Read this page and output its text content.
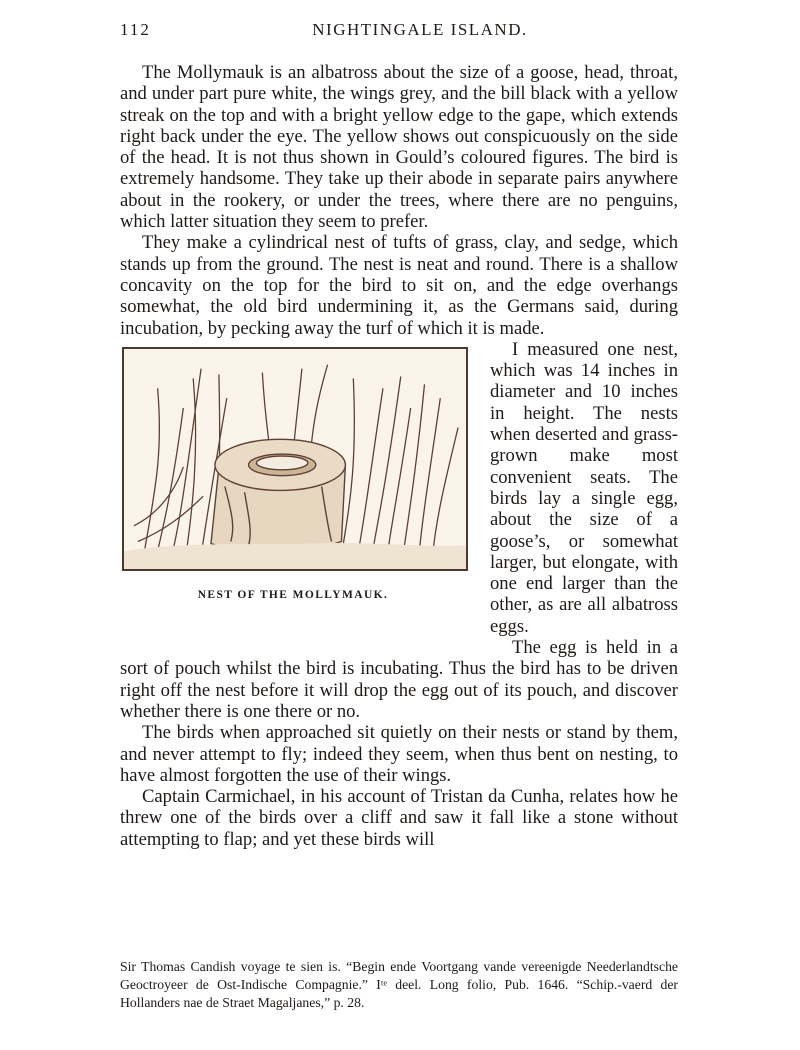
112	NIGHTINGALE ISLAND.

The Mollymauk is an albatross about the size of a goose, head, throat, and under part pure white, the wings grey, and the bill black with a yellow streak on the top and with a bright yellow edge to the gape, which extends right back under the eye. The yellow shows out conspicuously on the side of the head. It is not thus shown in Gould’s coloured figures. The bird is extremely handsome. They take up their abode in separate pairs anywhere about in the rookery, or under the trees, where there are no penguins, which latter situation they seem to prefer.

They make a cylindrical nest of tufts of grass, clay, and sedge, which stands up from the ground. The nest is neat and round. There is a shallow concavity on the top for the bird to sit on, and the edge overhangs somewhat, the old bird undermining it, as the Germans said, during incubation, by pecking away the turf of which it is made.

NEST OF THE MOLLYMAUK.

I measured one nest, which was 14 inches in diameter and 10 inches in height. The nests when deserted and grass-grown make most convenient seats. The birds lay a single egg, about the size of a goose’s, or somewhat larger, but elongate, with one end larger than the other, as are all albatross eggs.

The egg is held in a sort of pouch whilst the bird is incubating. Thus the bird has to be driven right off the nest before it will drop the egg out of its pouch, and discover whether there is one there or no.

The birds when approached sit quietly on their nests or stand by them, and never attempt to fly; indeed they seem, when thus bent on nesting, to have almost forgotten the use of their wings.

Captain Carmichael, in his account of Tristan da Cunha, relates how he threw one of the birds over a cliff and saw it fall like a stone without attempting to flap; and yet these birds will

Sir Thomas Candish voyage te sien is. “Begin ende Voortgang vande vereenigde Neederlandtsche Geoctroyeer de Ost-Indische Compagnie.” Iᵗᵉ deel. Long folio, Pub. 1646. “Schip.-vaerd der Hollanders nae de Straet Magaljanes,” p. 28.
